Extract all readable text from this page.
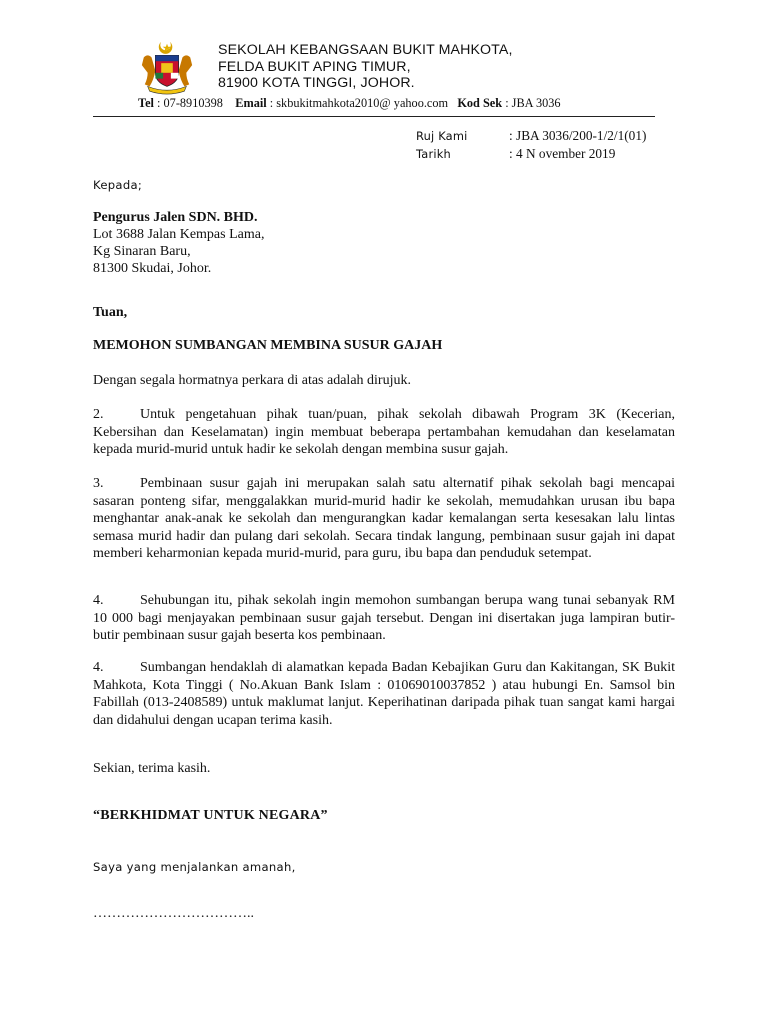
SEKOLAH KEBANGSAAN BUKIT MAHKOTA,
FELDA BUKIT APING TIMUR,
81900 KOTA TINGGI, JOHOR.
Tel : 07-8910398 Email : skbukitmahkota2010@ yahoo.com Kod Sek : JBA 3036
Ruj Kami	: JBA 3036/200-1/2/1(01)
Tarikh	: 4 N ovember 2019
Kepada;
Pengurus Jalen SDN. BHD.
Lot 3688 Jalan Kempas Lama,
Kg Sinaran Baru,
81300 Skudai, Johor.
Tuan,
MEMOHON SUMBANGAN MEMBINA SUSUR GAJAH
Dengan segala hormatnya perkara di atas adalah dirujuk.
2.	Untuk pengetahuan pihak tuan/puan, pihak sekolah dibawah Program 3K (Kecerian, Kebersihan dan Keselamatan) ingin membuat beberapa pertambahan kemudahan dan keselamatan kepada murid-murid untuk hadir ke sekolah dengan membina susur gajah.
3.	Pembinaan susur gajah ini merupakan salah satu alternatif pihak sekolah bagi mencapai sasaran ponteng sifar, menggalakkan murid-murid hadir ke sekolah, memudahkan urusan ibu bapa menghantar anak-anak ke sekolah dan mengurangkan kadar kemalangan serta kesesakan lalu lintas semasa murid hadir dan pulang dari sekolah. Secara tindak langung, pembinaan susur gajah ini dapat memberi keharmonian kepada murid-murid, para guru, ibu bapa dan penduduk setempat.
4.	Sehubungan itu, pihak sekolah ingin memohon sumbangan berupa wang tunai sebanyak RM 10 000 bagi menjayakan pembinaan susur gajah tersebut. Dengan ini disertakan juga lampiran butir-butir pembinaan susur gajah beserta kos pembinaan.
4.	Sumbangan hendaklah di alamatkan kepada Badan Kebajikan Guru dan Kakitangan, SK Bukit Mahkota, Kota Tinggi ( No.Akuan Bank Islam : 01069010037852 ) atau hubungi En. Samsol bin Fabillah (013-2408589) untuk maklumat lanjut. Keperihatinan daripada pihak tuan sangat kami hargai dan didahului dengan ucapan terima kasih.
Sekian, terima kasih.
“BERKHIDMAT UNTUK NEGARA”
Saya yang menjalankan amanah,
……………………………..
